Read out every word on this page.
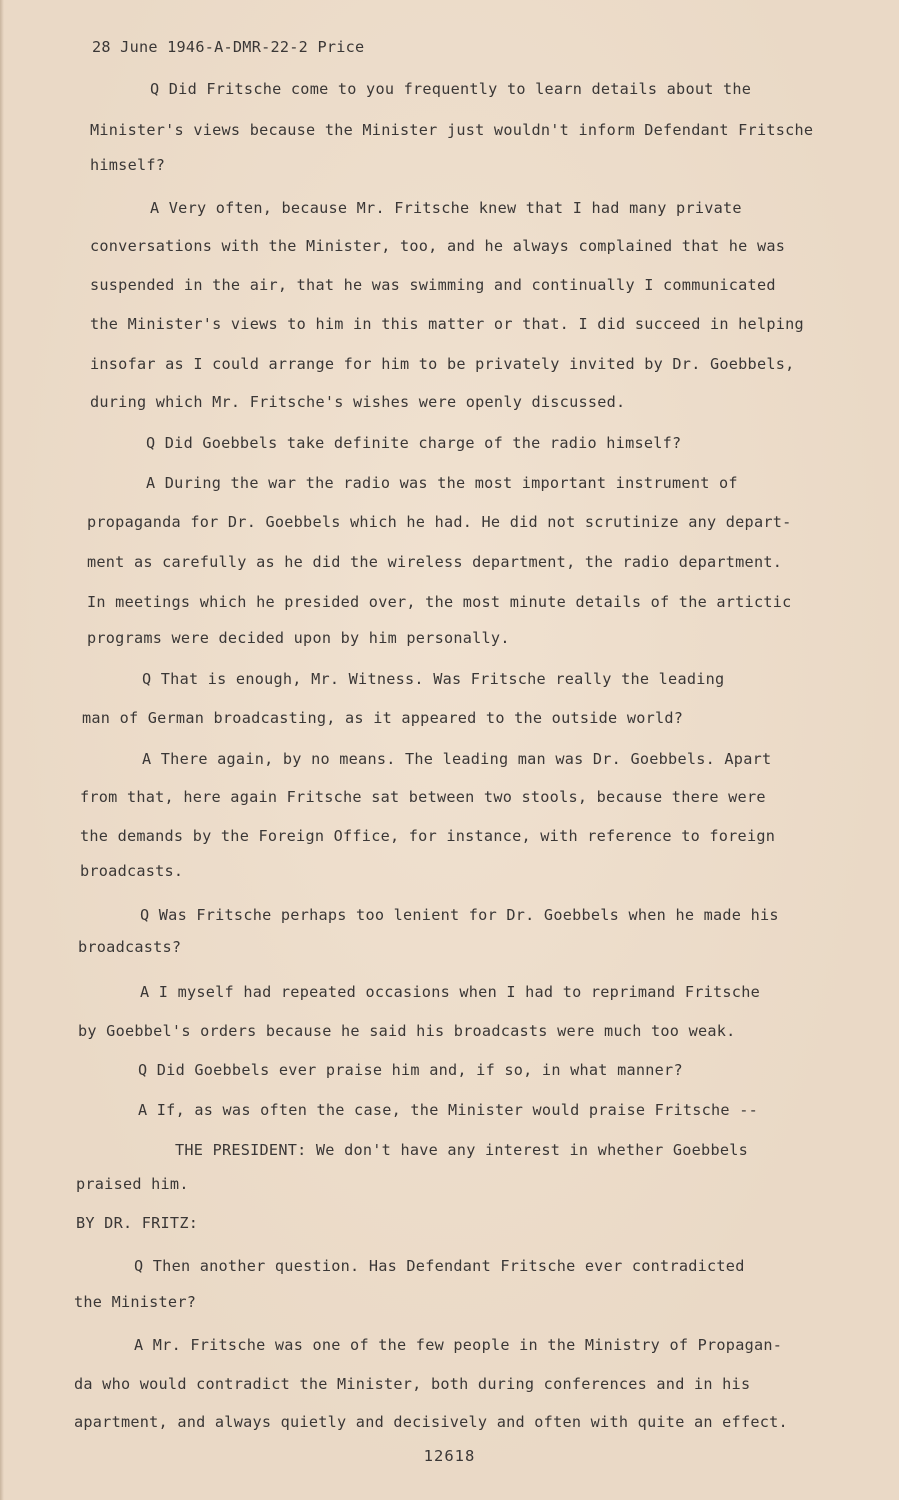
28 June 1946-A-DMR-22-2 Price
Q Did Fritsche come to you frequently to learn details about the
Minister's views because the Minister just wouldn't inform Defendant Fritsche
himself?
A Very often, because Mr. Fritsche knew that I had many private
conversations with the Minister, too, and he always complained that he was
suspended in the air, that he was swimming and continually I communicated
the Minister's views to him in this matter or that. I did succeed in helping
insofar as I could arrange for him to be privately invited by Dr. Goebbels,
during which Mr. Fritsche's wishes were openly discussed.
Q Did Goebbels take definite charge of the radio himself?
A During the war the radio was the most important instrument of
propaganda for Dr. Goebbels which he had. He did not scrutinize any depart-
ment as carefully as he did the wireless department, the radio department.
In meetings which he presided over, the most minute details of the artictic
programs were decided upon by him personally.
Q That is enough, Mr. Witness. Was Fritsche really the leading
man of German broadcasting, as it appeared to the outside world?
A There again, by no means. The leading man was Dr. Goebbels. Apart
from that, here again Fritsche sat between two stools, because there were
the demands by the Foreign Office, for instance, with reference to foreign
broadcasts.
Q Was Fritsche perhaps too lenient for Dr. Goebbels when he made his
broadcasts?
A I myself had repeated occasions when I had to reprimand Fritsche
by Goebbel's orders because he said his broadcasts were much too weak.
Q Did Goebbels ever praise him and, if so, in what manner?
A If, as was often the case, the Minister would praise Fritsche --
THE PRESIDENT: We don't have any interest in whether Goebbels
praised him.
BY DR. FRITZ:
Q Then another question. Has Defendant Fritsche ever contradicted
the Minister?
A Mr. Fritsche was one of the few people in the Ministry of Propagan-
da who would contradict the Minister, both during conferences and in his
apartment, and always quietly and decisively and often with quite an effect.
12618
